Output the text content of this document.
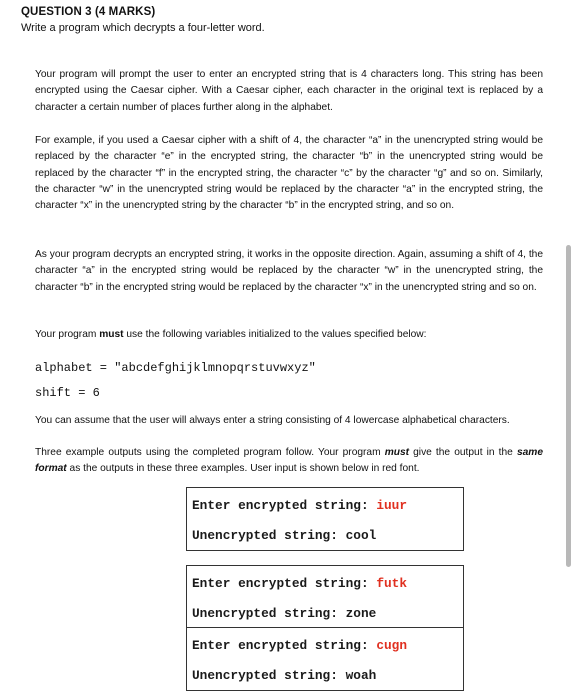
QUESTION 3 (4 MARKS)
Write a program which decrypts a four-letter word.

Your program will prompt the user to enter an encrypted string that is 4 characters long. This string has been encrypted using the Caesar cipher. With a Caesar cipher, each character in the original text is replaced by a character a certain number of places further along in the alphabet.

For example, if you used a Caesar cipher with a shift of 4, the character “a” in the unencrypted string would be replaced by the character “e” in the encrypted string, the character “b” in the unencrypted string would be replaced by the character “f” in the encrypted string, the character “c” by the character “g” and so on. Similarly, the character “w” in the unencrypted string would be replaced by the character “a” in the encrypted string, the character “x” in the unencrypted string by the character “b” in the encrypted string, and so on.

As your program decrypts an encrypted string, it works in the opposite direction. Again, assuming a shift of 4, the character “a” in the encrypted string would be replaced by the character “w” in the unencrypted string, the character “b” in the encrypted string would be replaced by the character “x” in the unencrypted string and so on.

Your program must use the following variables initialized to the values specified below:

alphabet = "abcdefghijklmnopqrstuvwxyz"
shift = 6

You can assume that the user will always enter a string consisting of 4 lowercase alphabetical characters.

Three example outputs using the completed program follow. Your program must give the output in the same format as the outputs in these three examples. User input is shown below in red font.

Enter encrypted string: iuur
Unencrypted string: cool
Enter encrypted string: futk
Unencrypted string: zone
Enter encrypted string: cugn
Unencrypted string: woah
